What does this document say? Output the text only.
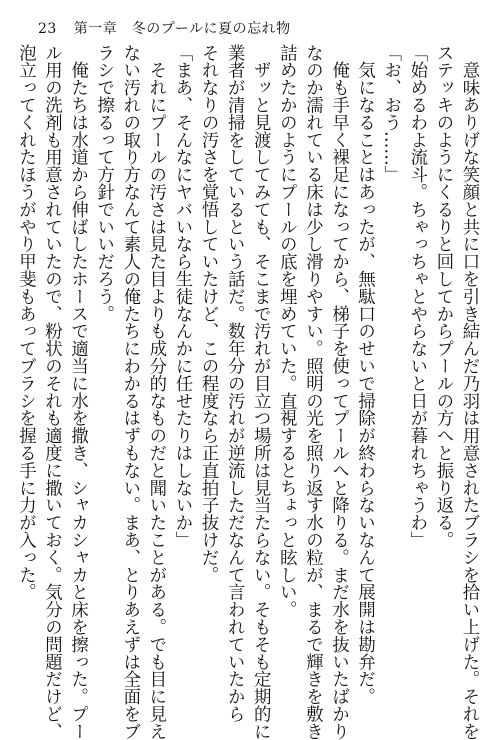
23 第一章　冬のプールに夏の忘れ物

　意味ありげな笑顔と共に口を引き結んだ乃羽は用意されたブラシを拾い上げた。それを

ステッキのようにくるりと回してからプールの方へと振り返る。

「始めるわよ流斗。ちゃっちゃとやらないと日が暮れちゃうわ」

「お、おう……」

　気になることはあったが、無駄口のせいで掃除が終わらないなんて展開は勘弁だ。

　俺も手早く裸足になってから、梯子を使ってプールへと降りる。まだ水を抜いたばかり

なのか濡れている床は少し滑りやすい。照明の光を照り返す水の粒が、まるで輝きを敷き

詰めたかのようにプールの底を埋めていた。直視するとちょっと眩しい。

　ザッと見渡してみても、そこまで汚れが目立つ場所は見当たらない。そもそも定期的に

業者が清掃をしているという話だ。数年分の汚れが逆流しただなんて言われていたから

それなりの汚さを覚悟していたけど、この程度なら正直拍子抜けだ。

「まあ、そんなにヤバいなら生徒なんかに任せたりはしないか」

　それにプールの汚さは見た目よりも成分的なものだと聞いたことがある。でも目に見え

ない汚れの取り方なんて素人の俺たちにわかるはずもない。まあ、とりあえずは全面をブ

ラシで擦るって方針でいいだろう。

　俺たちは水道から伸ばしたホースで適当に水を撒き、シャカシャカと床を擦った。プー

ル用の洗剤も用意されていたので、粉状のそれも適度に撒いておく。気分の問題だけど、

泡立ってくれたほうがやり甲斐もあってブラシを握る手に力が入った。
